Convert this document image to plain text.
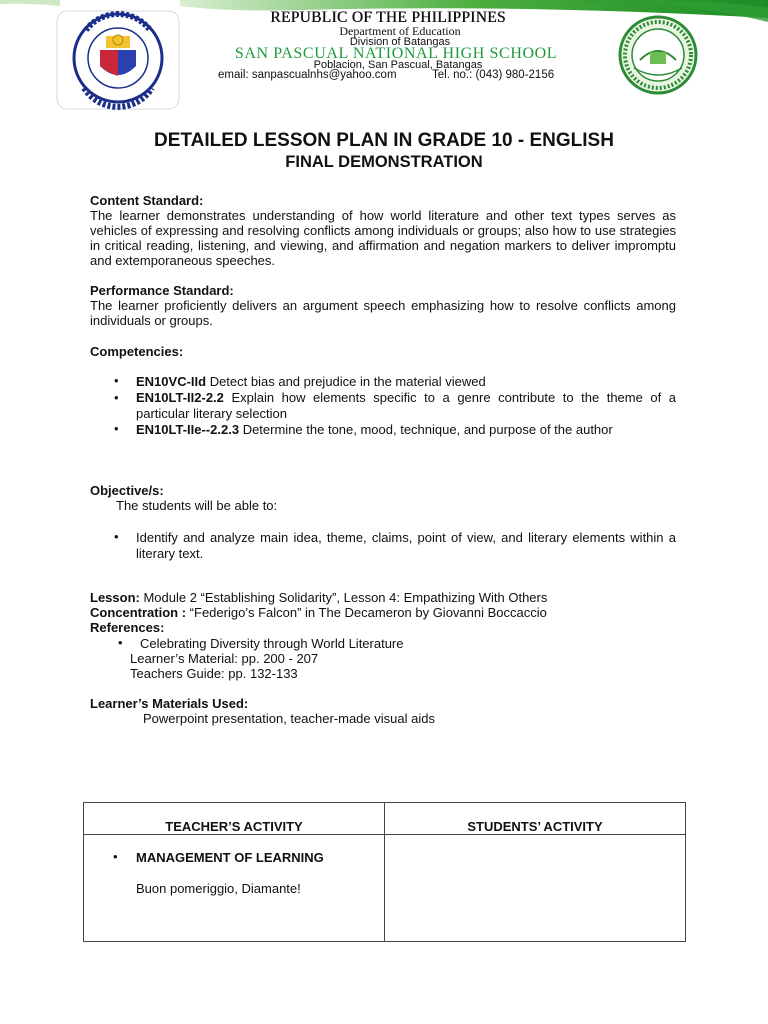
REPUBLIC OF THE PHILIPPINES
Department of Education
Division of Batangas
SAN PASCUAL NATIONAL HIGH SCHOOL
Poblacion, San Pascual, Batangas
email: sanpascualnhs@yahoo.com	Tel. no.: (043) 980-2156
DETAILED LESSON PLAN IN GRADE 10 - ENGLISH
FINAL DEMONSTRATION
Content Standard:
The learner demonstrates understanding of how world literature and other text types serves as vehicles of expressing and resolving conflicts among individuals or groups; also how to use strategies in critical reading, listening, and viewing, and affirmation and negation markers to deliver impromptu and extemporaneous speeches.
Performance Standard:
The learner proficiently delivers an argument speech emphasizing how to resolve conflicts among individuals or groups.
Competencies:
• EN10VC-IId Detect bias and prejudice in the material viewed
• EN10LT-II2-2.2 Explain how elements specific to a genre contribute to the theme of a particular literary selection
• EN10LT-IIe--2.2.3 Determine the tone, mood, technique, and purpose of the author
Objective/s:
The students will be able to:
• Identify and analyze main idea, theme, claims, point of view, and literary elements within a literary text.
Lesson: Module 2 “Establishing Solidarity”, Lesson 4: Empathizing With Others
Concentration : “Federigo’s Falcon” in The Decameron by Giovanni Boccaccio
References:
• Celebrating Diversity through World Literature
Learner’s Material: pp. 200 - 207
Teachers Guide: pp. 132-133
Learner’s Materials Used:
Powerpoint presentation, teacher-made visual aids
TEACHER’S ACTIVITY	STUDENTS’ ACTIVITY

• MANAGEMENT OF LEARNING
Buon pomeriggio, Diamante!	
